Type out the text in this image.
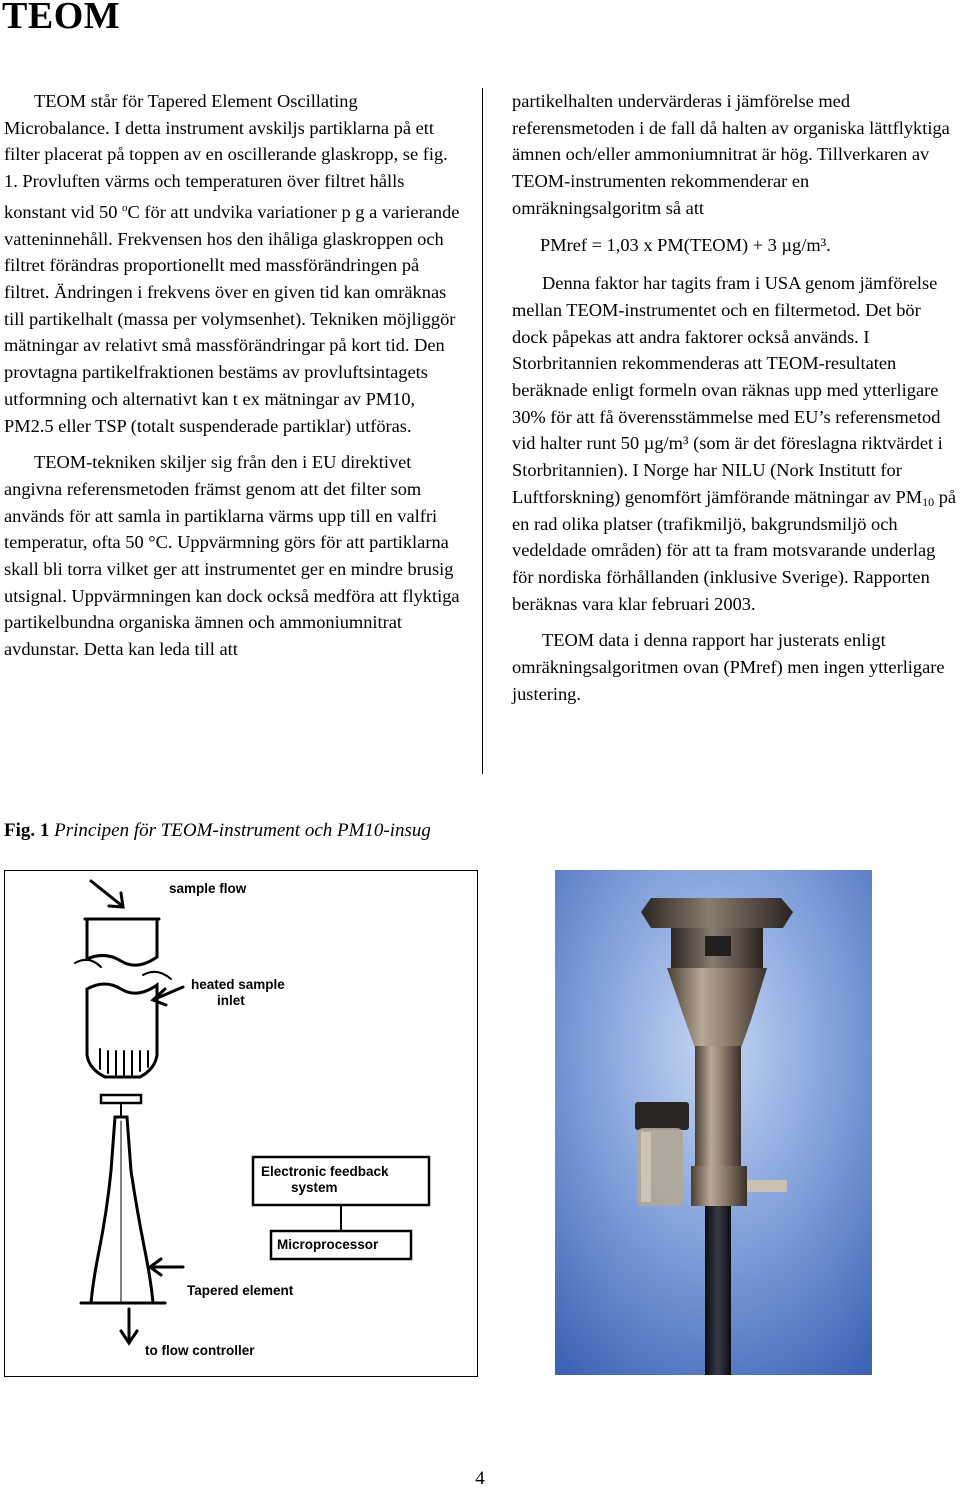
TEOM

TEOM står för Tapered Element Oscillating Microbalance. I detta instrument avskiljs partiklarna på ett filter placerat på toppen av en oscillerande glaskropp, se fig. 1. Provluften värms och temperaturen över filtret hålls konstant vid 50 $^o$C för att undvika variationer p g a varierande vatteninnehåll. Frekvensen hos den ihåliga glaskroppen och filtret förändras proportionellt med massförändringen på filtret. Ändringen i frekvens över en given tid kan omräknas till partikelhalt (massa per volymsenhet). Tekniken möjliggör mätningar av relativt små massförändringar på kort tid. Den provtagna partikelfraktionen bestäms av provluftsintagets utformning och alternativt kan t ex mätningar av PM10, PM2.5 eller TSP (totalt suspenderade partiklar) utföras.

TEOM-tekniken skiljer sig från den i EU direktivet angivna referensmetoden främst genom att det filter som används för att samla in partiklarna värms upp till en valfri temperatur, ofta 50 °C. Uppvärmning görs för att partiklarna skall bli torra vilket ger att instrumentet ger en mindre brusig utsignal. Uppvärmningen kan dock också medföra att flyktiga partikelbundna organiska ämnen och ammoniumnitrat avdunstar. Detta kan leda till att

partikelhalten undervärderas i jämförelse med referensmetoden i de fall då halten av organiska lättflyktiga ämnen och/eller ammoniumnitrat är hög. Tillverkaren av TEOM-instrumenten rekommenderar en omräkningsalgoritm så att

PMref = 1,03 x PM(TEOM) + 3 µg/m³.

Denna faktor har tagits fram i USA genom jämförelse mellan TEOM-instrumentet och en filtermetod. Det bör dock påpekas att andra faktorer också används. I Storbritannien rekommenderas att TEOM-resultaten beräknade enligt formeln ovan räknas upp med ytterligare 30% för att få överensstämmelse med EU’s referensmetod vid halter runt 50 µg/m³ (som är det föreslagna riktvärdet i Storbritannien). I Norge har NILU (Nork Institutt for Luftforskning) genomfört jämförande mätningar av $PM_{10}$ på en rad olika platser (trafikmiljö, bakgrundsmiljö och vedeldade områden) för att ta fram motsvarande underlag för nordiska förhållanden (inklusive Sverige). Rapporten beräknas vara klar februari 2003.

TEOM data i denna rapport har justerats enligt omräkningsalgoritmen ovan (PMref) men ingen ytterligare justering.

Fig. 1 Principen för TEOM-instrument och PM10-insug
sample flow
heated sample
inlet
Electronic feedback
system
Microprocessor
Tapered element
to flow controller
4
